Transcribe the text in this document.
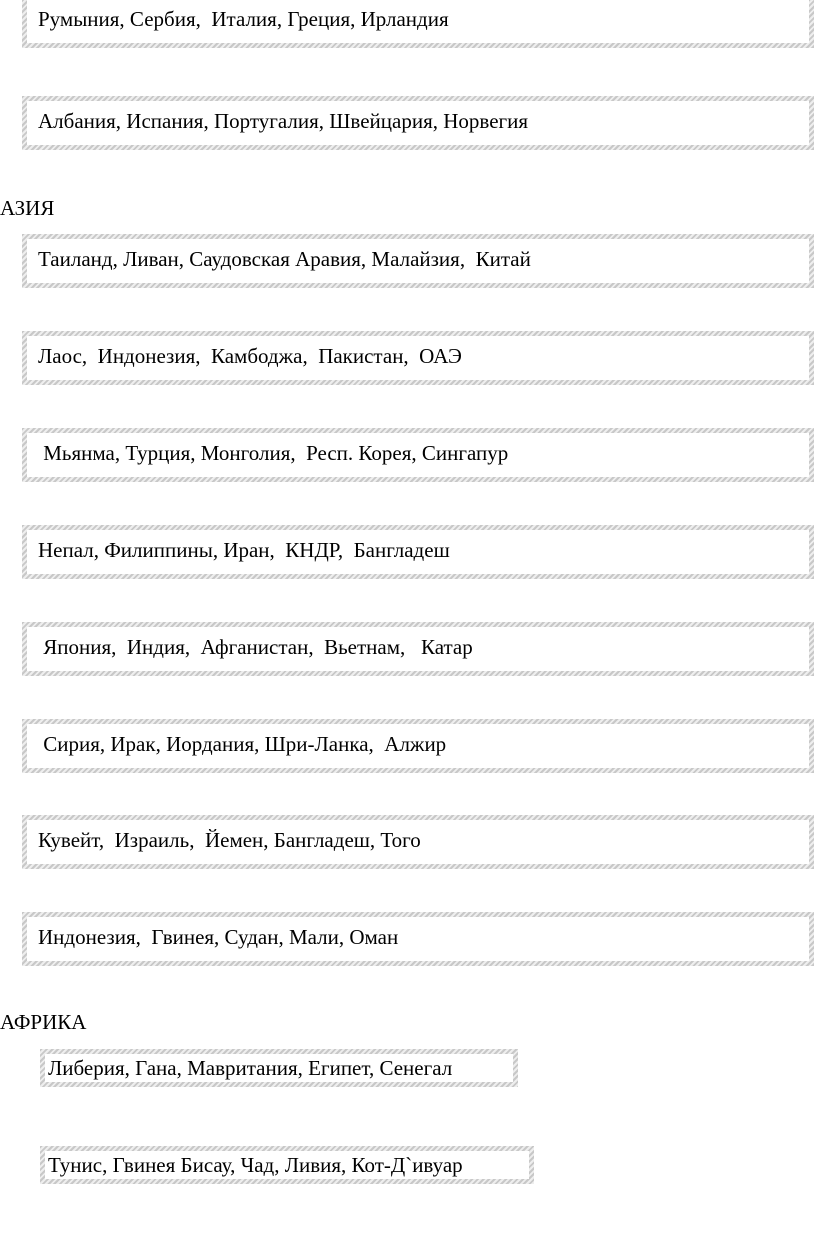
Румыния, Сербия,  Италия, Греция, Ирландия
Албания, Испания, Португалия, Швейцария, Норвегия
АЗИЯ
Таиланд, Ливан, Саудовская Аравия, Малайзия,  Китай
Лаос,  Индонезия,  Камбоджа,  Пакистан,  ОАЭ
Мьянма, Турция, Монголия,  Респ. Корея, Сингапур
Непал, Филиппины, Иран,  КНДР,  Бангладеш
Япония,  Индия,  Афганистан,  Вьетнам,   Катар
Сирия, Ирак, Иордания, Шри-Ланка,  Алжир
Кувейт,  Израиль,  Йемен, Бангладеш, Того
Индонезия,  Гвинея, Судан, Мали, Оман
АФРИКА
Либерия, Гана, Мавритания, Египет, Сенегал
Тунис, Гвинея Бисау, Чад, Ливия, Кот-Д`ивуар
